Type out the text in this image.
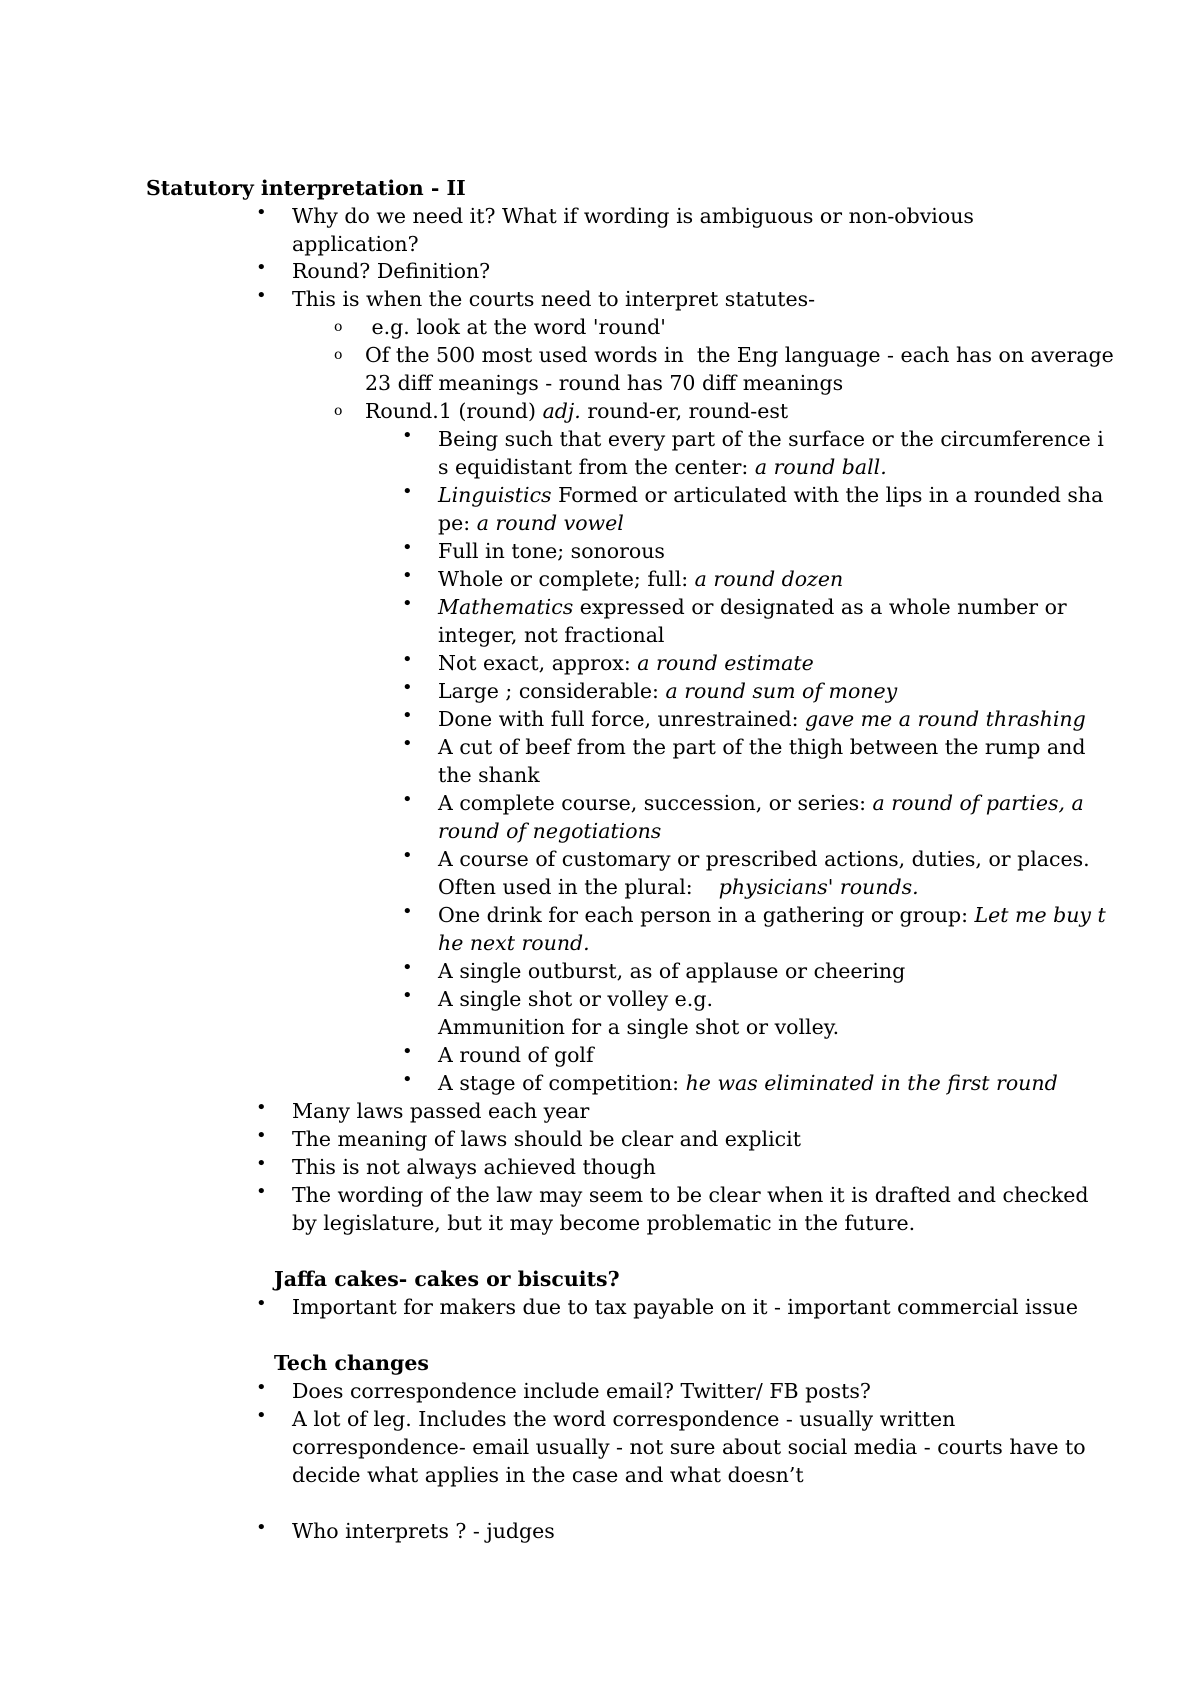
Statutory interpretation - II
• Why do we need it? What if wording is ambiguous or non-obvious
application?
• Round? Definition?
• This is when the courts need to interpret statutes-
o e.g. look at the word 'round'
o Of the 500 most used words in  the Eng language - each has on average
23 diff meanings - round has 70 diff meanings
o Round.1 (round) adj. round-er, round-est
• Being such that every part of the surface or the circumference i
s equidistant from the center: a round ball.
• Linguistics Formed or articulated with the lips in a rounded sha
pe: a round vowel
• Full in tone; sonorous
• Whole or complete; full: a round dozen
• Mathematics expressed or designated as a whole number or
integer, not fractional
• Not exact, approx: a round estimate
• Large ; considerable: a round sum of money
• Done with full force, unrestrained: gave me a round thrashing
• A cut of beef from the part of the thigh between the rump and
the shank
• A complete course, succession, or series: a round of parties, a
round of negotiations
• A course of customary or prescribed actions, duties, or places.
Often used in the plural:    physicians' rounds.
• One drink for each person in a gathering or group: Let me buy t
he next round.
• A single outburst, as of applause or cheering
• A single shot or volley e.g.
Ammunition for a single shot or volley.
• A round of golf
• A stage of competition: he was eliminated in the first round
• Many laws passed each year
• The meaning of laws should be clear and explicit
• This is not always achieved though
• The wording of the law may seem to be clear when it is drafted and checked
by legislature, but it may become problematic in the future.
Jaffa cakes- cakes or biscuits?
• Important for makers due to tax payable on it - important commercial issue
Tech changes
• Does correspondence include email? Twitter/ FB posts?
• A lot of leg. Includes the word correspondence - usually written
correspondence- email usually - not sure about social media - courts have to
decide what applies in the case and what doesn’t
• Who interprets ? - judges
